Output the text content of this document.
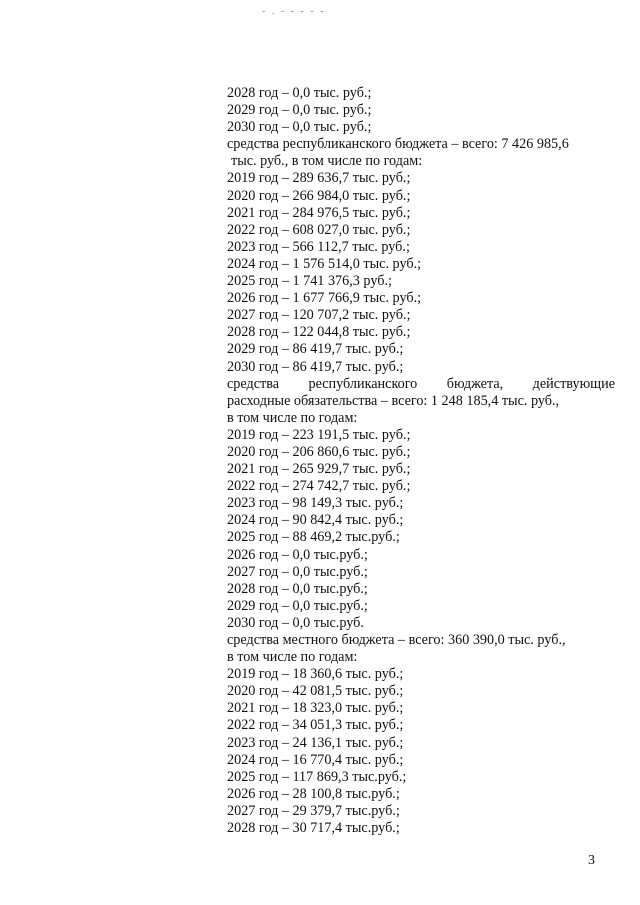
- . - - - - -
2028 год – 0,0 тыс. руб.;
2029 год – 0,0 тыс. руб.;
2030 год – 0,0 тыс. руб.;
средства республиканского бюджета – всего: 7 426 985,6
тыс. руб., в том числе по годам:
2019 год – 289 636,7 тыс. руб.;
2020 год – 266 984,0 тыс. руб.;
2021 год – 284 976,5 тыс. руб.;
2022 год – 608 027,0 тыс. руб.;
2023 год – 566 112,7 тыс. руб.;
2024 год – 1 576 514,0 тыс. руб.;
2025 год – 1 741 376,3 руб.;
2026 год – 1 677 766,9 тыс. руб.;
2027 год – 120 707,2 тыс. руб.;
2028 год – 122 044,8 тыс. руб.;
2029 год – 86 419,7 тыс. руб.;
2030 год – 86 419,7 тыс. руб.;
средства республиканского бюджета, действующие
расходные обязательства – всего: 1 248 185,4 тыс. руб.,
в том числе по годам:
2019 год – 223 191,5 тыс. руб.;
2020 год – 206 860,6 тыс. руб.;
2021 год – 265 929,7 тыс. руб.;
2022 год – 274 742,7 тыс. руб.;
2023 год – 98 149,3 тыс. руб.;
2024 год – 90 842,4 тыс. руб.;
2025 год – 88 469,2 тыс.руб.;
2026 год – 0,0 тыс.руб.;
2027 год – 0,0 тыс.руб.;
2028 год – 0,0 тыс.руб.;
2029 год – 0,0 тыс.руб.;
2030 год – 0,0 тыс.руб.
средства местного бюджета – всего: 360 390,0 тыс. руб.,
в том числе по годам:
2019 год – 18 360,6 тыс. руб.;
2020 год – 42 081,5 тыс. руб.;
2021 год – 18 323,0 тыс. руб.;
2022 год – 34 051,3 тыс. руб.;
2023 год – 24 136,1 тыс. руб.;
2024 год – 16 770,4 тыс. руб.;
2025 год – 117 869,3 тыс.руб.;
2026 год – 28 100,8 тыс.руб.;
2027 год – 29 379,7 тыс.руб.;
2028 год – 30 717,4 тыс.руб.;
3
